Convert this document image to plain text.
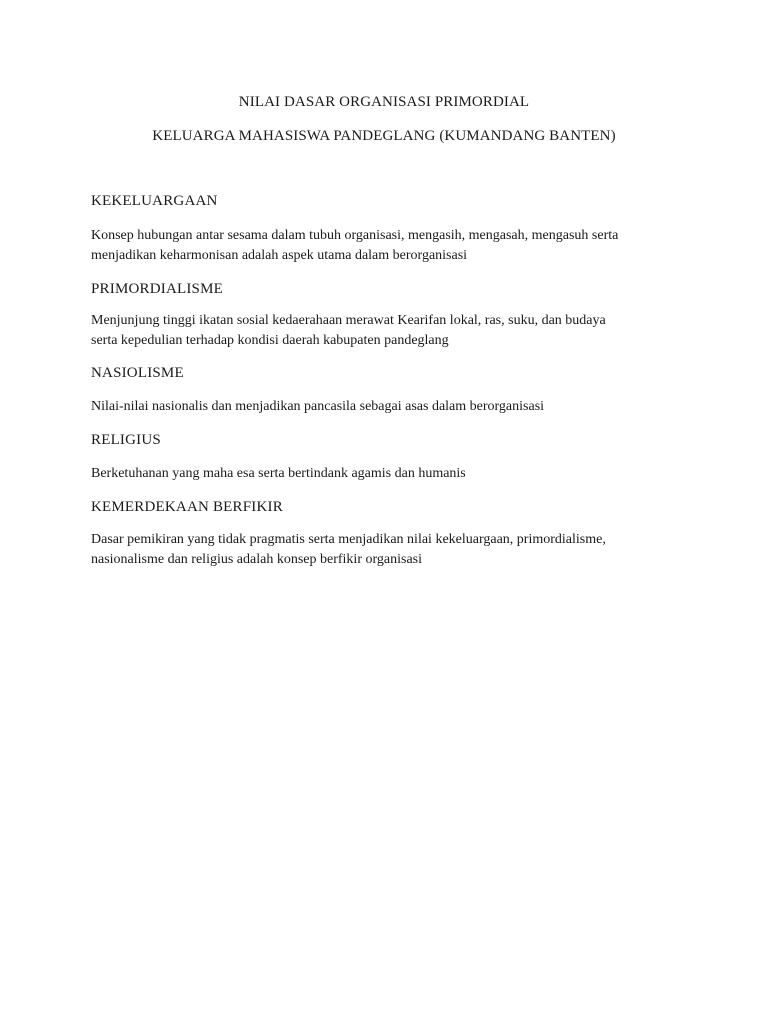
NILAI DASAR ORGANISASI PRIMORDIAL
KELUARGA MAHASISWA PANDEGLANG (KUMANDANG BANTEN)
KEKELUARGAAN

Konsep hubungan antar sesama dalam tubuh organisasi, mengasih, mengasah, mengasuh serta
menjadikan keharmonisan adalah aspek utama dalam berorganisasi

PRIMORDIALISME

Menjunjung tinggi ikatan sosial kedaerahaan merawat Kearifan lokal, ras, suku, dan budaya
serta kepedulian terhadap kondisi daerah kabupaten pandeglang

NASIOLISME

Nilai-nilai nasionalis dan menjadikan pancasila sebagai asas dalam berorganisasi

RELIGIUS

Berketuhanan yang maha esa serta bertindank agamis dan humanis

KEMERDEKAAN BERFIKIR

Dasar pemikiran yang tidak pragmatis serta menjadikan nilai kekeluargaan, primordialisme,
nasionalisme dan religius adalah konsep berfikir organisasi
